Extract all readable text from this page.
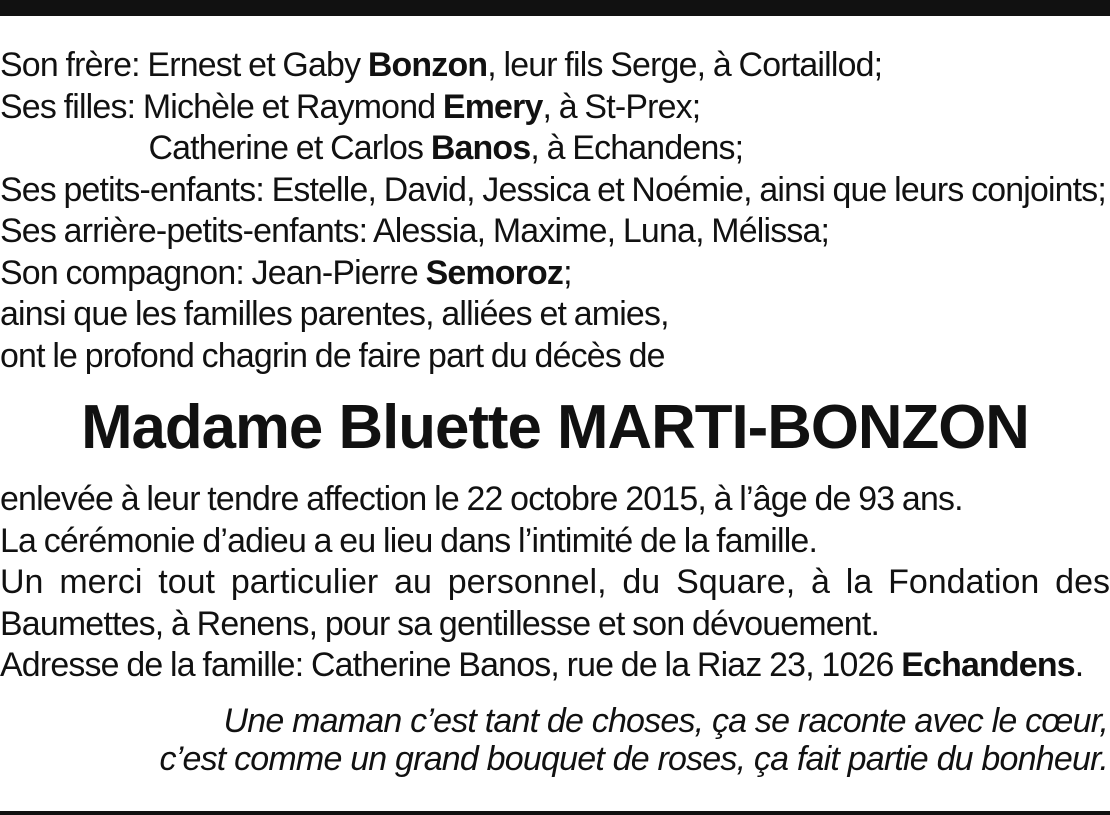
Son frère: Ernest et Gaby Bonzon, leur fils Serge, à Cortaillod; Ses filles: Michèle et Raymond Emery, à St-Prex; Catherine et Carlos Banos, à Echandens; Ses petits-enfants: Estelle, David, Jessica et Noémie, ainsi que leurs conjoints; Ses arrière-petits-enfants: Alessia, Maxime, Luna, Mélissa; Son compagnon: Jean-Pierre Semoroz; ainsi que les familles parentes, alliées et amies, ont le profond chagrin de faire part du décès de
Madame Bluette MARTI-BONZON
enlevée à leur tendre affection le 22 octobre 2015, à l’âge de 93 ans. La cérémonie d’adieu a eu lieu dans l’intimité de la famille.
Un merci tout particulier au personnel, du Square, à la Fondation des
Baumettes, à Renens, pour sa gentillesse et son dévouement. Adresse de la famille: Catherine Banos, rue de la Riaz 23, 1026 Echandens.
Une maman c’est tant de choses, ça se raconte avec le cœur,
c’est comme un grand bouquet de roses, ça fait partie du bonheur.
